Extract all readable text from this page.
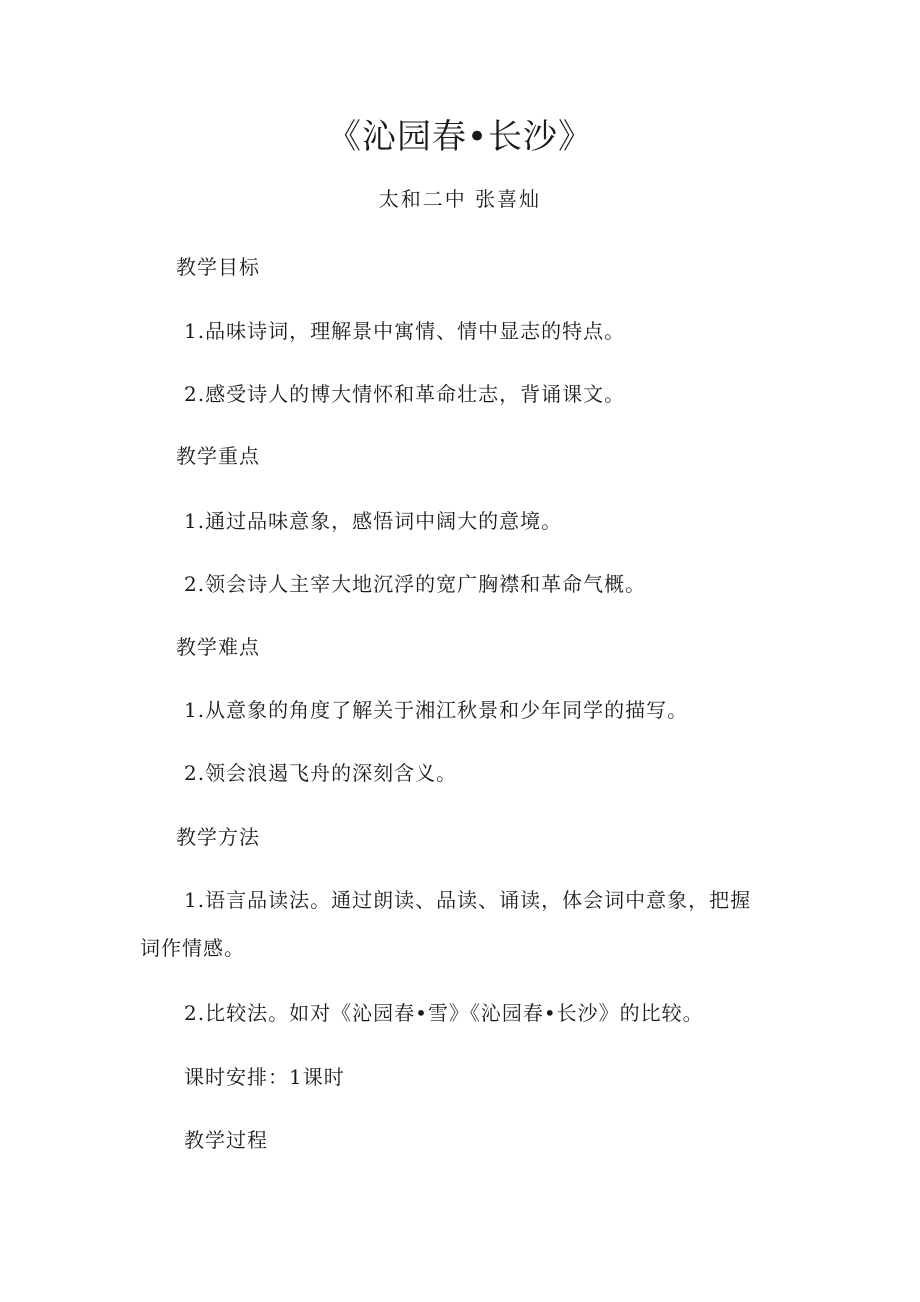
《沁园春•长沙》
太和二中 张喜灿
教学目标
1.品味诗词，理解景中寓情、情中显志的特点。
2.感受诗人的博大情怀和革命壮志，背诵课文。
教学重点
1.通过品味意象，感悟词中阔大的意境。
2.领会诗人主宰大地沉浮的宽广胸襟和革命气概。
教学难点
1.从意象的角度了解关于湘江秋景和少年同学的描写。
2.领会浪遏飞舟的深刻含义。
教学方法
1.语言品读法。通过朗读、品读、诵读，体会词中意象，把握
词作情感。
2.比较法。如对《沁园春•雪》《沁园春•长沙》的比较。
课时安排：1课时
教学过程
